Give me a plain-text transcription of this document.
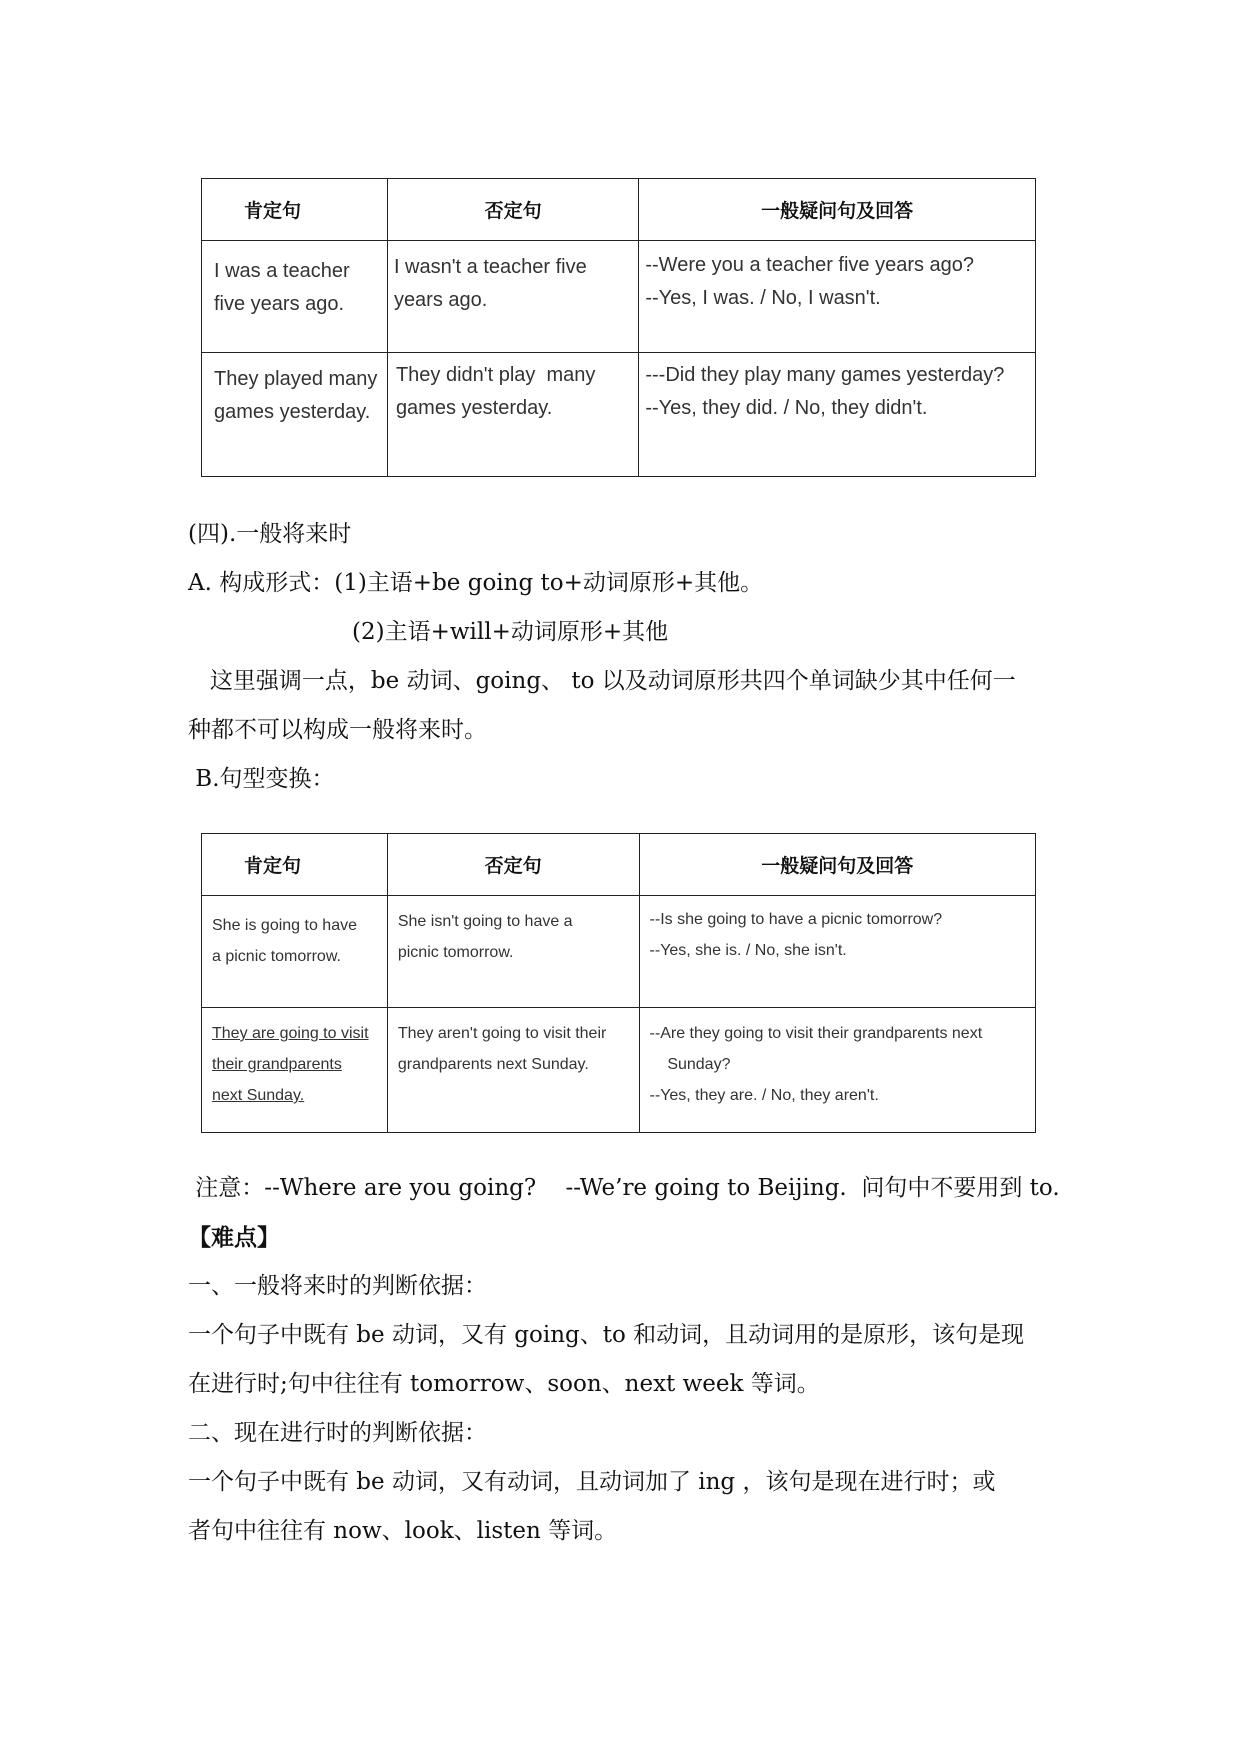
肯定句	否定句	一般疑问句及回答

I was a teacher
five years ago.	I wasn't a teacher five
years ago.	--Were you a teacher five years ago?
--Yes, I was. / No, I wasn't.

They played many
games yesterday.	They didn't play  many
games yesterday.	---Did they play many games yesterday?
--Yes, they did. / No, they didn't.
(四).一般将来时
A. 构成形式：(1)主语+be going to+动词原形+其他。
(2)主语+will+动词原形+其他
这里强调一点，be 动词、going、 to 以及动词原形共四个单词缺少其中任何一
种都不可以构成一般将来时。
B.句型变换：
肯定句	否定句	一般疑问句及回答

She is going to have
a picnic tomorrow.	She isn't going to have a
picnic tomorrow.	--Is she going to have a picnic tomorrow?
--Yes, she is. / No, she isn't.

They are going to visit
their grandparents
next Sunday.	They aren't going to visit their
grandparents next Sunday.	--Are they going to visit their grandparents next
Sunday?
--Yes, they are. / No, they aren't.
注意：--Where are you going?    --We’re going to Beijing.  问句中不要用到 to.
【难点】
一、一般将来时的判断依据：
一个句子中既有 be 动词，又有 going、to 和动词，且动词用的是原形，该句是现
在进行时;句中往往有 tomorrow、soon、next week 等词。
二、现在进行时的判断依据：
一个句子中既有 be 动词，又有动词，且动词加了 ing ，该句是现在进行时；或
者句中往往有 now、look、listen 等词。
